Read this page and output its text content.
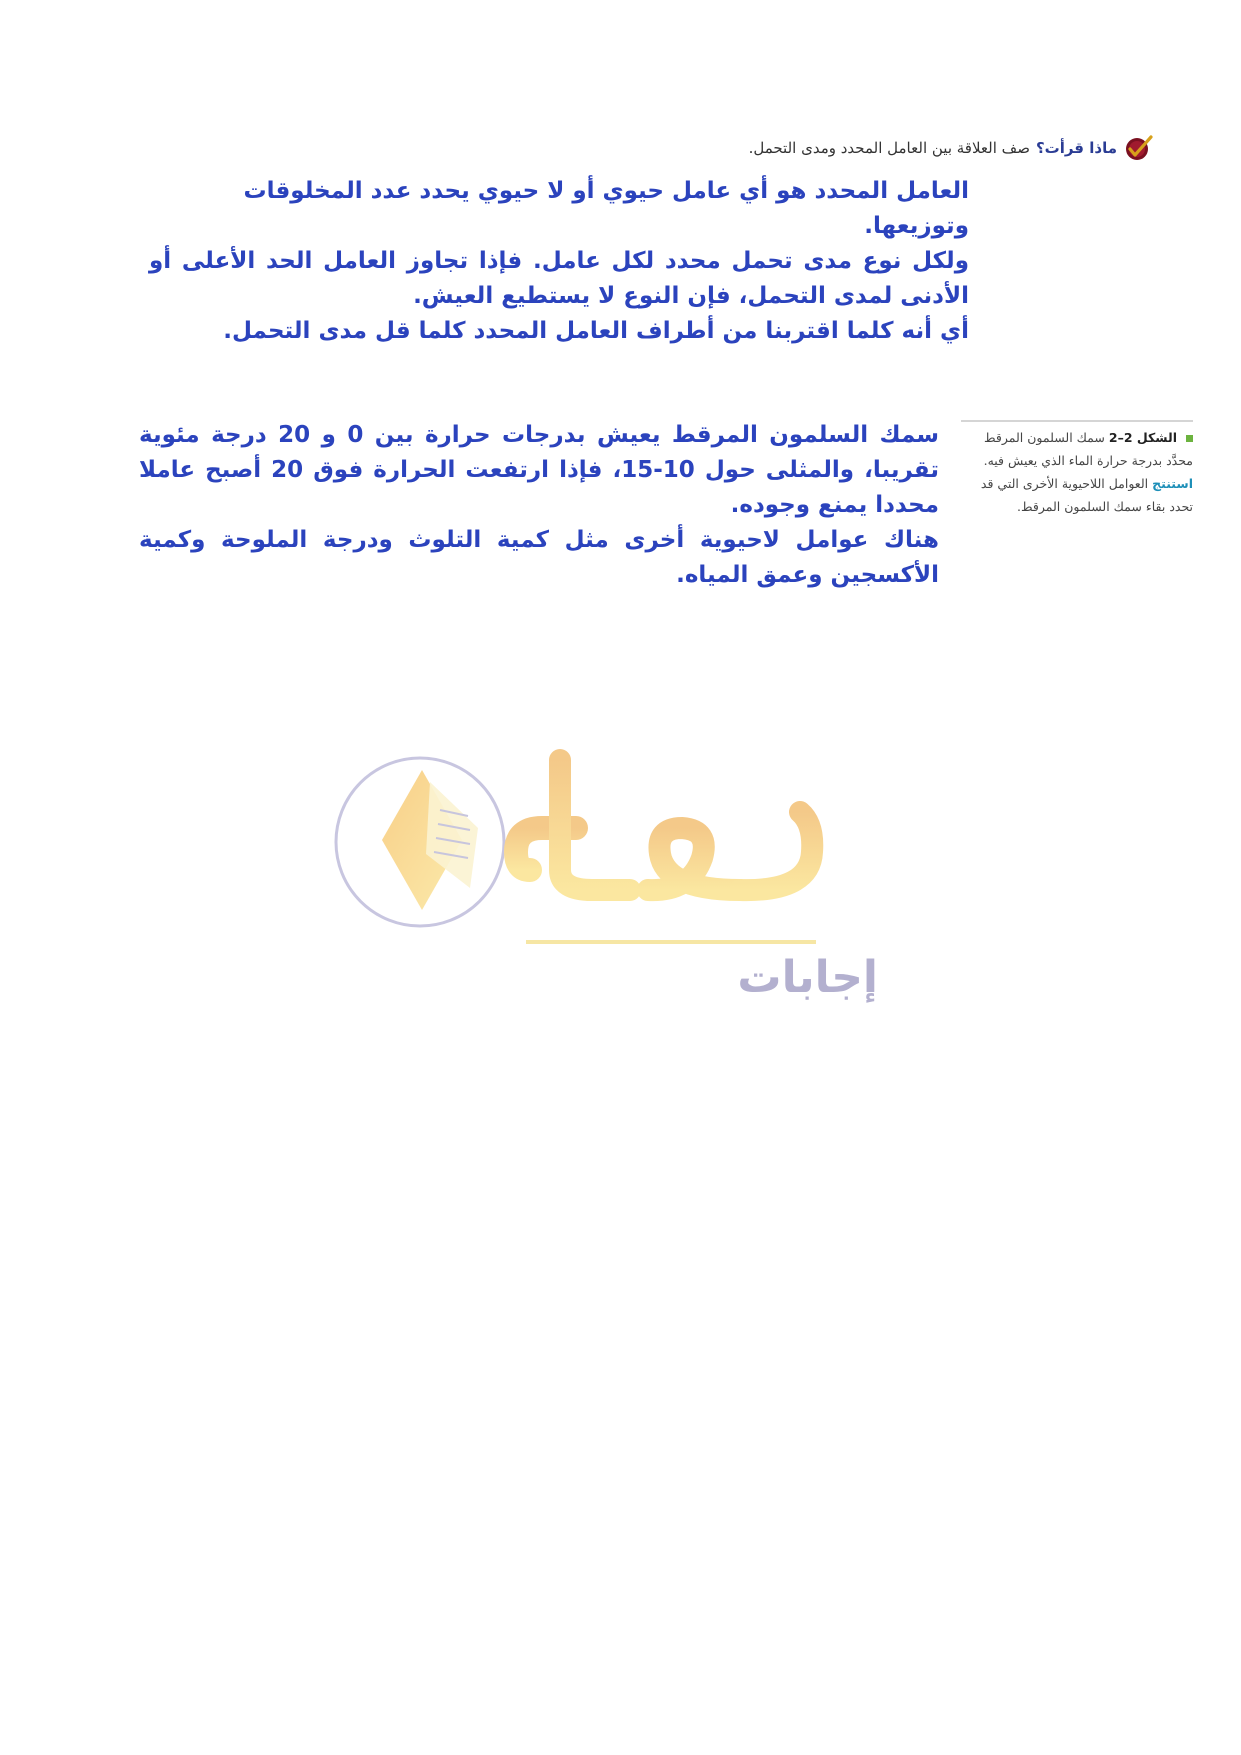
ماذا قرأت؟
صف العلاقة بين العامل المحدد ومدى التحمل.

العامل المحدد هو أي عامل حيوي أو لا حيوي يحدد عدد المخلوقات وتوزيعها.

ولكل نوع مدى تحمل محدد لكل عامل. فإذا تجاوز العامل الحد الأعلى أو الأدنى لمدى التحمل، فإن النوع لا يستطيع العيش.

أي أنه كلما اقتربنا من أطراف العامل المحدد كلما قل مدى التحمل.

الشكل 2–2 سمك السلمون المرقط
محدَّد بدرجة حرارة الماء الذي يعيش فيه.
استنتج العوامل اللاحيوية الأخرى التي قد
تحدد بقاء سمك السلمون المرقط.

سمك السلمون المرقط يعيش بدرجات حرارة بين 0 و 20 درجة مئوية تقريبا، والمثلى حول 10-15، فإذا ارتفعت الحرارة فوق 20 أصبح عاملا محددا يمنع وجوده.

هناك عوامل لاحيوية أخرى مثل كمية التلوث ودرجة الملوحة وكمية الأكسجين وعمق المياه.

إجابات
